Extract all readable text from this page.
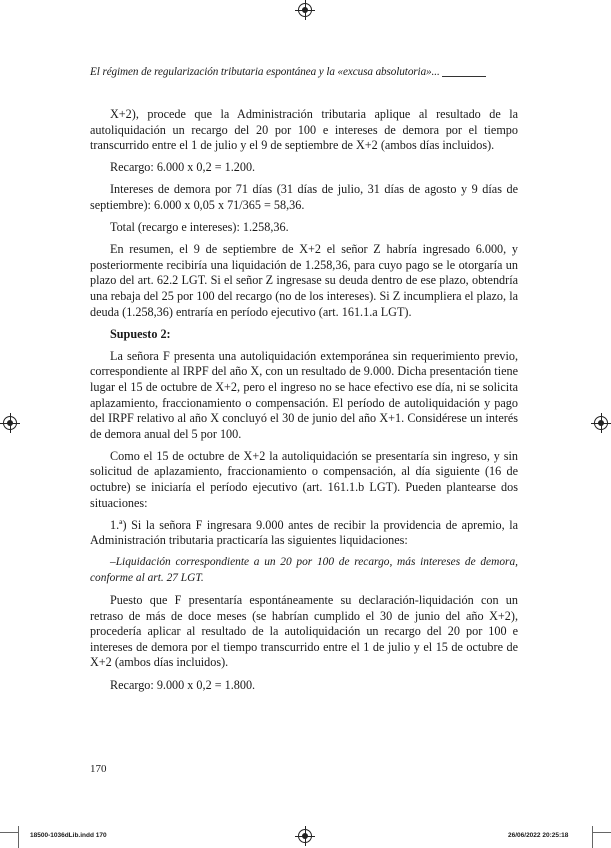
El régimen de regularización tributaria espontánea y la «excusa absolutoria»...

X+2), procede que la Administración tributaria aplique al resultado de la autoliquidación un recargo del 20 por 100 e intereses de demora por el tiempo transcurrido entre el 1 de julio y el 9 de septiembre de X+2 (ambos días incluidos).

Recargo: 6.000 x 0,2 = 1.200.

Intereses de demora por 71 días (31 días de julio, 31 días de agosto y 9 días de septiembre): 6.000 x 0,05 x 71/365 = 58,36.

Total (recargo e intereses): 1.258,36.

En resumen, el 9 de septiembre de X+2 el señor Z habría ingresado 6.000, y posteriormente recibiría una liquidación de 1.258,36, para cuyo pago se le otorgaría un plazo del art. 62.2 LGT. Si el señor Z ingresase su deuda dentro de ese plazo, obtendría una rebaja del 25 por 100 del recargo (no de los intereses). Si Z incumpliera el plazo, la deuda (1.258,36) entraría en período ejecutivo (art. 161.1.a LGT).

Supuesto 2:

La señora F presenta una autoliquidación extemporánea sin requerimiento previo, correspondiente al IRPF del año X, con un resultado de 9.000. Dicha presentación tiene lugar el 15 de octubre de X+2, pero el ingreso no se hace efectivo ese día, ni se solicita aplazamiento, fraccionamiento o compensación. El período de autoliquidación y pago del IRPF relativo al año X concluyó el 30 de junio del año X+1. Considérese un interés de demora anual del 5 por 100.

Como el 15 de octubre de X+2 la autoliquidación se presentaría sin ingreso, y sin solicitud de aplazamiento, fraccionamiento o compensación, al día siguiente (16 de octubre) se iniciaría el período ejecutivo (art. 161.1.b LGT). Pueden plantearse dos situaciones:

1.ª) Si la señora F ingresara 9.000 antes de recibir la providencia de apremio, la Administración tributaria practicaría las siguientes liquidaciones:

–Liquidación correspondiente a un 20 por 100 de recargo, más intereses de demora, conforme al art. 27 LGT.

Puesto que F presentaría espontáneamente su declaración-liquidación con un retraso de más de doce meses (se habrían cumplido el 30 de junio del año X+2), procedería aplicar al resultado de la autoliquidación un recargo del 20 por 100 e intereses de demora por el tiempo transcurrido entre el 1 de julio y el 15 de octubre de X+2 (ambos días incluidos).

Recargo: 9.000 x 0,2 = 1.800.

170
18500-1036dLib.indd 170	26/06/2022 20:25:18
